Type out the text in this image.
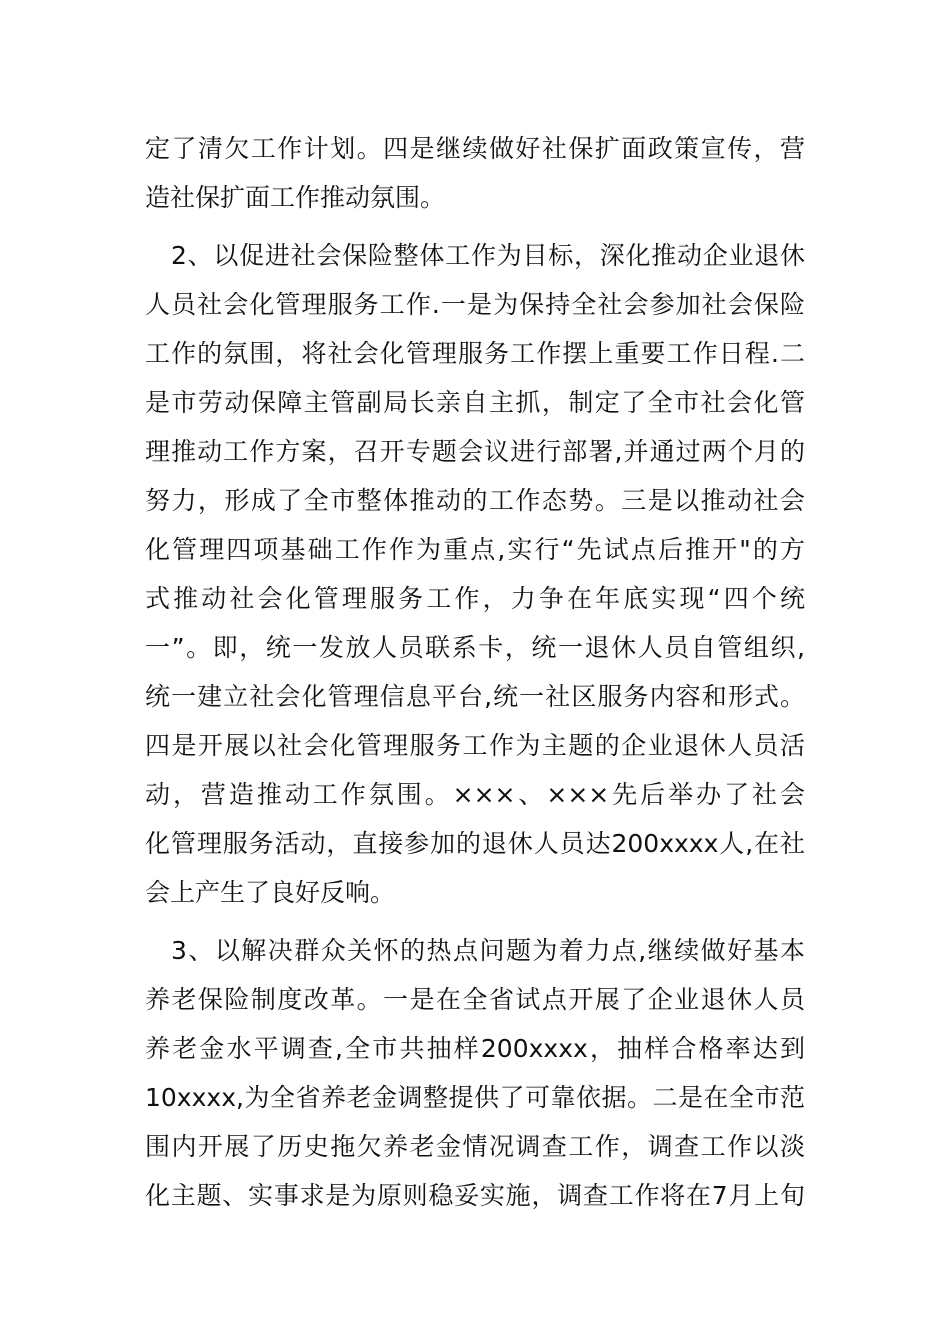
定了清欠工作计划。四是继续做好社保扩面政策宣传，营
造社保扩面工作推动氛围。
2、以促进社会保险整体工作为目标，深化推动企业退休
人员社会化管理服务工作.一是为保持全社会参加社会保险
工作的氛围，将社会化管理服务工作摆上重要工作日程.二
是市劳动保障主管副局长亲自主抓，制定了全市社会化管
理推动工作方案，召开专题会议进行部署,并通过两个月的
努力，形成了全市整体推动的工作态势。三是以推动社会
化管理四项基础工作作为重点,实行“先试点后推开"的方
式推动社会化管理服务工作，力争在年底实现“四个统
一”。即，统一发放人员联系卡，统一退休人员自管组织,
统一建立社会化管理信息平台,统一社区服务内容和形式。
四是开展以社会化管理服务工作为主题的企业退休人员活
动，营造推动工作氛围。×××、×××先后举办了社会
化管理服务活动，直接参加的退休人员达200xxxx人,在社
会上产生了良好反响。
3、以解决群众关怀的热点问题为着力点,继续做好基本
养老保险制度改革。一是在全省试点开展了企业退休人员
养老金水平调查,全市共抽样200xxxx，抽样合格率达到
10xxxx,为全省养老金调整提供了可靠依据。二是在全市范
围内开展了历史拖欠养老金情况调查工作，调查工作以淡
化主题、实事求是为原则稳妥实施，调查工作将在7月上旬
